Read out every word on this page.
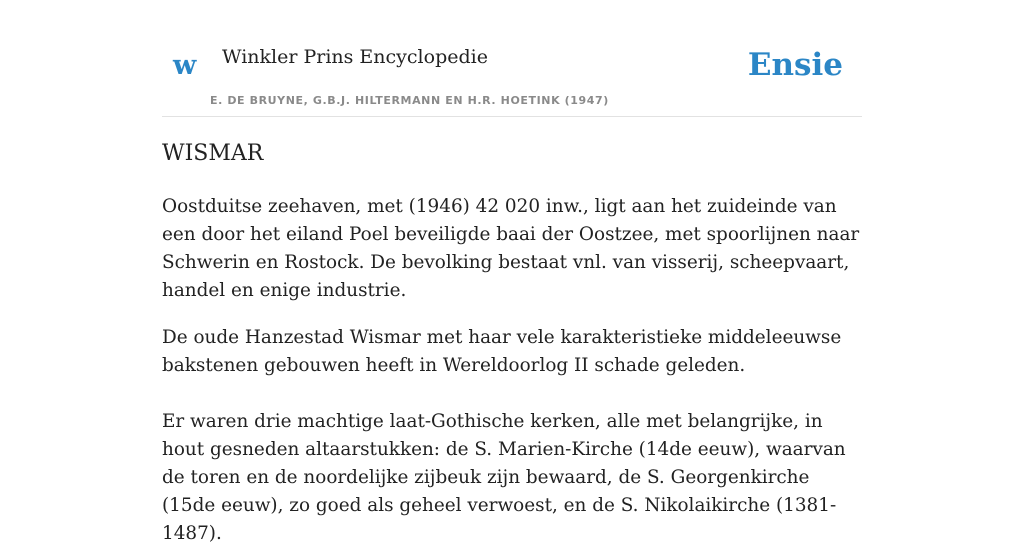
w Winkler Prins Encyclopedie
E. DE BRUYNE, G.B.J. HILTERMANN EN H.R. HOETINK (1947)
Ensie
WISMAR

Oostduitse zeehaven, met (1946) 42 020 inw., ligt aan het zuideinde van een door het eiland Poel beveiligde baai der Oostzee, met spoorlijnen naar Schwerin en Rostock. De bevolking bestaat vnl. van visserij, scheepvaart, handel en enige industrie.

De oude Hanzestad Wismar met haar vele karakteristieke middeleeuwse bakstenen gebouwen heeft in Wereldoorlog II schade geleden.

Er waren drie machtige laat-Gothische kerken, alle met belangrijke, in hout gesneden altaarstukken: de S. Marien-Kirche (14de eeuw), waarvan de toren en de noordelijke zijbeuk zijn bewaard, de S. Georgenkirche (15de eeuw), zo goed als geheel verwoest, en de S. Nikolaikirche (1381-1487).
